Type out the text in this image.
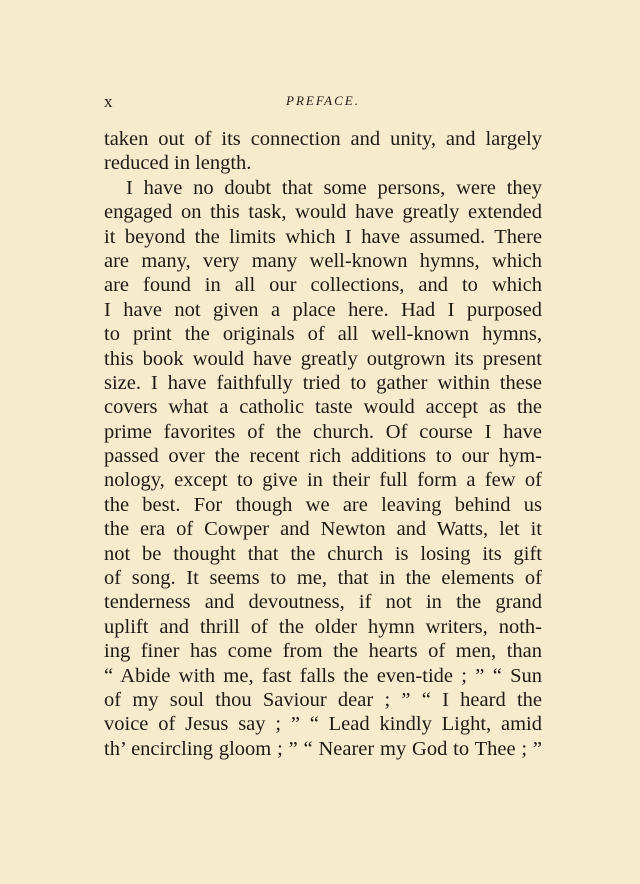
x	PREFACE.
taken out of its connection and unity, and largely
reduced in length.
I have no doubt that some persons, were they
engaged on this task, would have greatly extended
it beyond the limits which I have assumed. There
are many, very many well-known hymns, which
are found in all our collections, and to which
I have not given a place here. Had I purposed
to print the originals of all well-known hymns,
this book would have greatly outgrown its present
size. I have faithfully tried to gather within these
covers what a catholic taste would accept as the
prime favorites of the church. Of course I have
passed over the recent rich additions to our hym-
nology, except to give in their full form a few of
the best. For though we are leaving behind us
the era of Cowper and Newton and Watts, let it
not be thought that the church is losing its gift
of song. It seems to me, that in the elements of
tenderness and devoutness, if not in the grand
uplift and thrill of the older hymn writers, noth-
ing finer has come from the hearts of men, than
“ Abide with me, fast falls the even-tide ; ” “ Sun
of my soul thou Saviour dear ; ” “ I heard the
voice of Jesus say ; ” “ Lead kindly Light, amid
th’ encircling gloom ; ” “ Nearer my God to Thee ; ”
